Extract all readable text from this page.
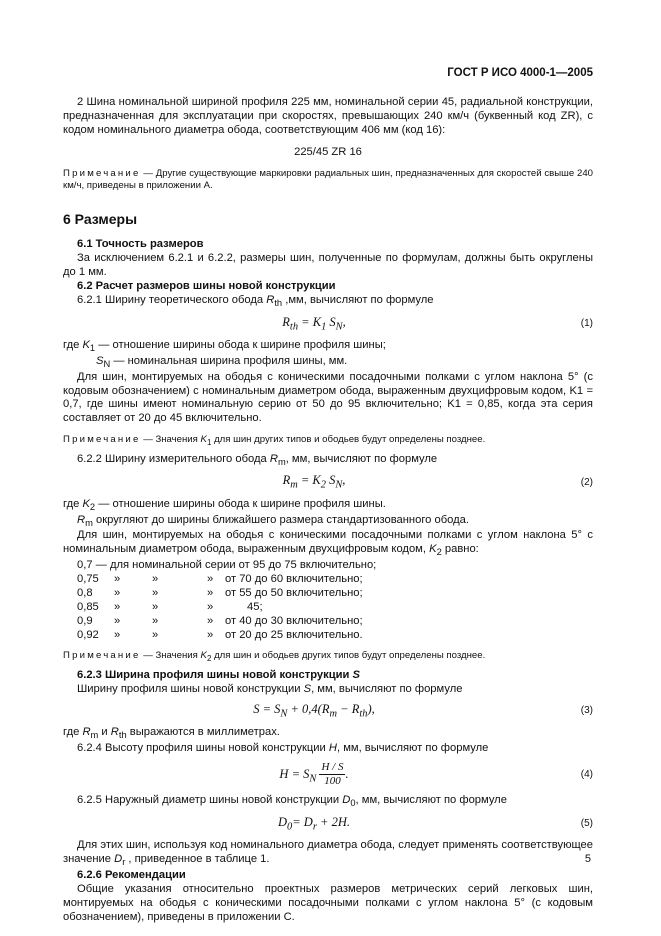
ГОСТ Р ИСО 4000-1—2005

2 Шина номинальной шириной профиля 225 мм, номинальной серии 45, радиальной конструкции, предназначенная для эксплуатации при скоростях, превышающих 240 км/ч (буквенный код ZR), с кодом номинального диаметра обода, соответствующим 406 мм (код 16):

225/45 ZR 16

Примечание — Другие существующие маркировки радиальных шин, предназначенных для скоростей свыше 240 км/ч, приведены в приложении А.

6 Размеры

6.1 Точность размеров

За исключением 6.2.1 и 6.2.2, размеры шин, полученные по формулам, должны быть округлены до 1 мм.

6.2 Расчет размеров шины новой конструкции

6.2.1 Ширину теоретического обода $R_{th}$ ,мм, вычисляют по формуле

$R_{th} = K_1$ $S_N$,	(1)

где $K_1$ — отношение ширины обода к ширине профиля шины;

$S_N$ — номинальная ширина профиля шины, мм.

Для шин, монтируемых на ободья с коническими посадочными полками с углом наклона 5° (с кодовым обозначением) с номинальным диаметром обода, выраженным двухцифровым кодом, K1 = 0,7, где шины имеют номинальную серию от 50 до 95 включительно; K1 = 0,85, когда эта серия составляет от 20 до 45 включительно.

Примечание — Значения $K_1$ для шин других типов и ободьев будут определены позднее.

6.2.2 Ширину измерительного обода $R_m$, мм, вычисляют по формуле

$R_m = K_2$ $S_N$,	(2)

где $K_2$ — отношение ширины обода к ширине профиля шины.

$R_m$ округляют до ширины ближайшего размера стандартизованного обода.

Для шин, монтируемых на ободья с коническими посадочными полками с углом наклона 5° с номинальным диаметром обода, выраженным двухцифровым кодом, $K_2$ равно:

0,7 — для номинальной серии от 95 до 75 включительно;

0,75	»	»	»	от 70 до 60 включительно;
0,8	»	»	»	от 55 до 50 включительно;
0,85	»	»	»	45;
0,9	»	»	»	от 40 до 30 включительно;
0,92	»	»	»	от 20 до 25 включительно.

Примечание — Значения $K_2$ для шин и ободьев других типов будут определены позднее.

6.2.3 Ширина профиля шины новой конструкции S

Ширину профиля шины новой конструкции S, мм, вычисляют по формуле

$S = S_N + 0,4(R_m - R_{th})$,	(3)

где $R_m$ и $R_{th}$ выражаются в миллиметрах.

6.2.4 Высоту профиля шины новой конструкции H, мм, вычисляют по формуле

$H = S_N \frac{H / S}{100}$ .	(4)

6.2.5 Наружный диаметр шины новой конструкции $D_0$, мм, вычисляют по формуле

$D_0= D_r + 2H$.	(5)

Для этих шин, используя код номинального диаметра обода, следует применять соответствующее значение $D_r$ , приведенное в таблице 1.

6.2.6 Рекомендации

Общие указания относительно проектных размеров метрических серий легковых шин, монтируемых на ободья с коническими посадочными полками с углом наклона 5° (с кодовым обозначением), приведены в приложении С.

5
